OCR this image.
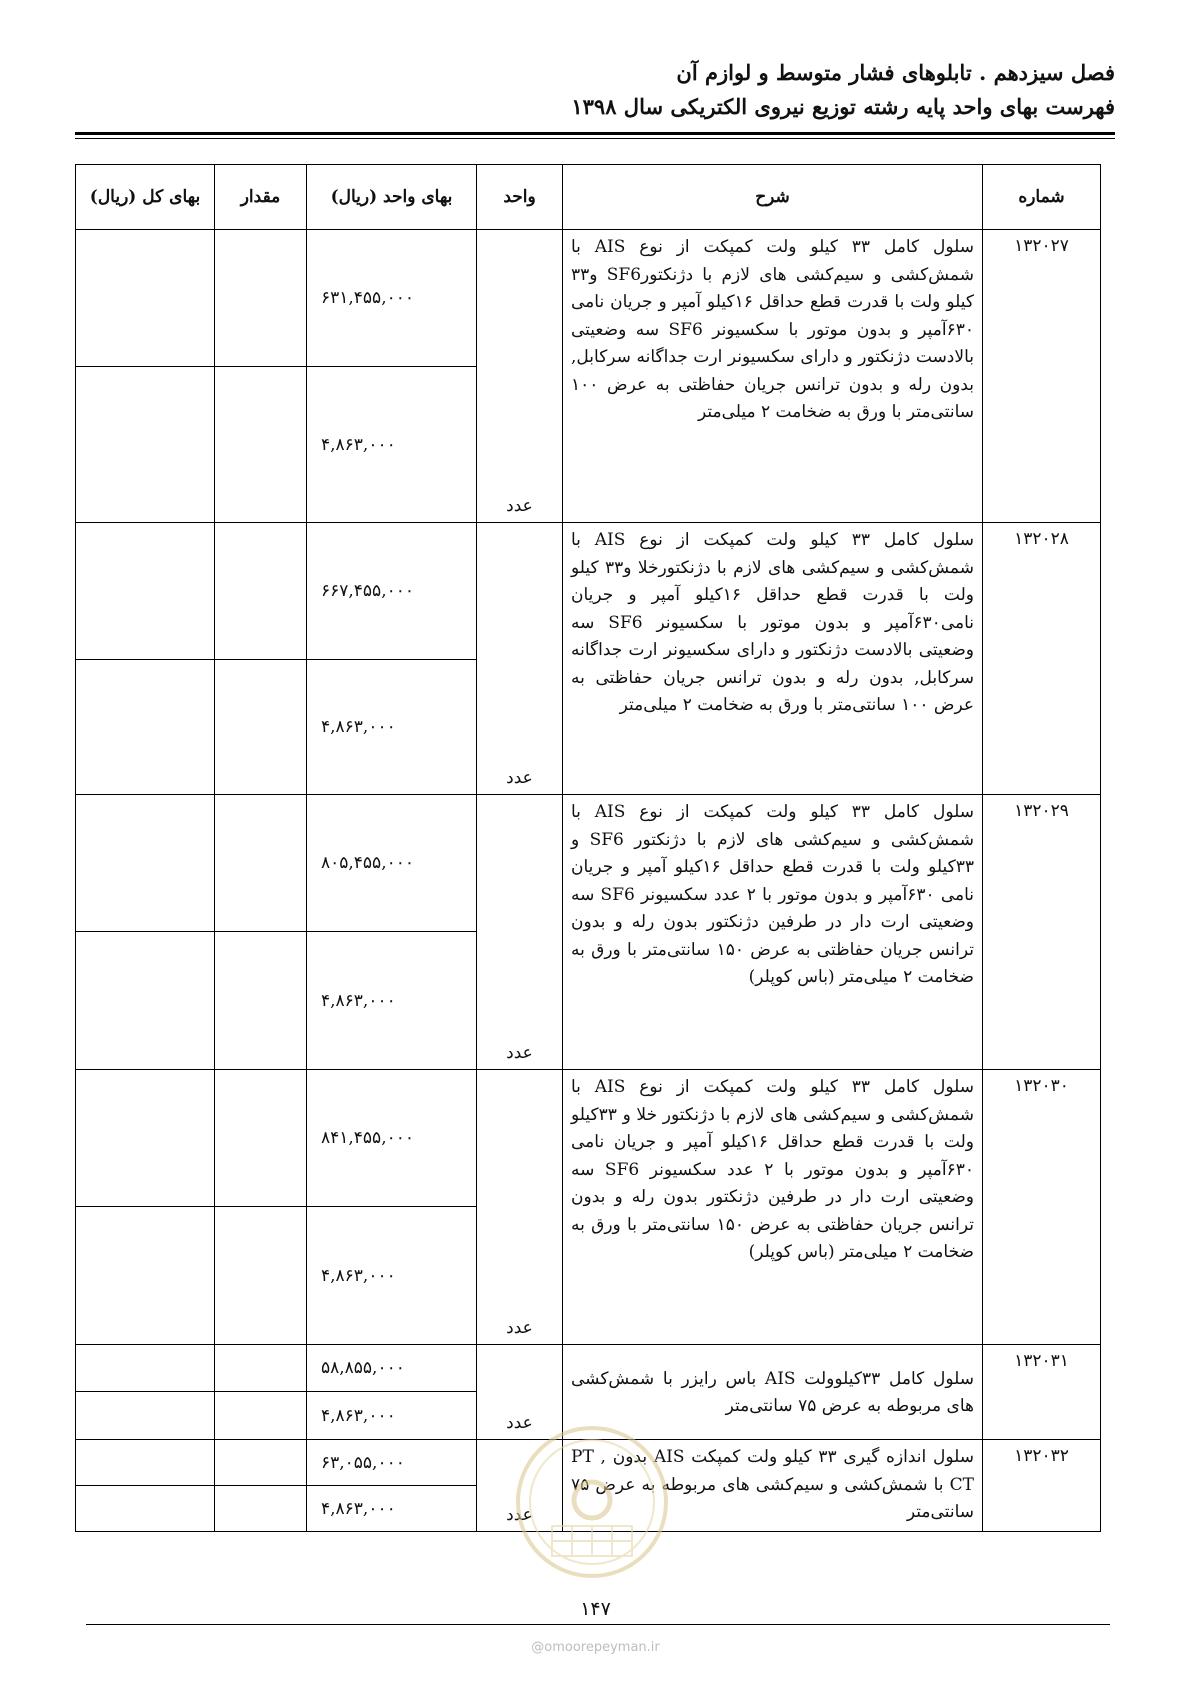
فصل سیزدهم . تابلوهای فشار متوسط و لوازم آن
فهرست بهای واحد پایه رشته توزیع نیروی الکتریکی سال ۱۳۹۸
شماره	شرح	واحد	بهای واحد (ریال)	مقدار	بهای کل (ریال)
۱۳۲۰۲۷	سلول کامل ۳۳ کیلو ولت کمپکت از نوع AIS با شمش‌کشی و سیم‌کشی های لازم با دژنکتورSF6 و۳۳ کیلو ولت با قدرت قطع حداقل ۱۶کیلو آمپر و جریان نامی ۶۳۰آمپر و بدون موتور با سکسیونر SF6 سه وضعیتی بالادست دژنکتور و دارای سکسیونر ارت جداگانه سرکابل, بدون رله و بدون ترانس جریان حفاظتی به عرض ۱۰۰ سانتی‌متر با ورق به ضخامت ۲ میلی‌متر	عدد	۶۳۱,۴۵۵,۰۰۰		
			۴,۸۶۳,۰۰۰		
۱۳۲۰۲۸	سلول کامل ۳۳ کیلو ولت کمپکت از نوع AIS با شمش‌کشی و سیم‌کشی های لازم با دژنکتورخلا و۳۳ کیلو ولت با قدرت قطع حداقل ۱۶کیلو آمپر و جریان نامی۶۳۰آمپر و بدون موتور با سکسیونر SF6 سه وضعیتی بالادست دژنکتور و دارای سکسیونر ارت جداگانه سرکابل, بدون رله و بدون ترانس جریان حفاظتی به عرض ۱۰۰ سانتی‌متر با ورق به ضخامت ۲ میلی‌متر	عدد	۶۶۷,۴۵۵,۰۰۰		
			۴,۸۶۳,۰۰۰		
۱۳۲۰۲۹	سلول کامل ۳۳ کیلو ولت کمپکت از نوع AIS با شمش‌کشی و سیم‌کشی های لازم با دژنکتور SF6 و ۳۳کیلو ولت با قدرت قطع حداقل ۱۶کیلو آمپر و جریان نامی ۶۳۰آمپر و بدون موتور با ۲ عدد سکسیونر SF6 سه وضعیتی ارت دار در طرفین دژنکتور بدون رله و بدون ترانس جریان حفاظتی به عرض ۱۵۰ سانتی‌متر با ورق به ضخامت ۲ میلی‌متر (باس کوپلر)	عدد	۸۰۵,۴۵۵,۰۰۰		
			۴,۸۶۳,۰۰۰		
۱۳۲۰۳۰	سلول کامل ۳۳ کیلو ولت کمپکت از نوع AIS با شمش‌کشی و سیم‌کشی های لازم با دژنکتور خلا و ۳۳کیلو ولت با قدرت قطع حداقل ۱۶کیلو آمپر و جریان نامی ۶۳۰آمپر و بدون موتور با ۲ عدد سکسیونر SF6 سه وضعیتی ارت دار در طرفین دژنکتور بدون رله و بدون ترانس جریان حفاظتی به عرض ۱۵۰ سانتی‌متر با ورق به ضخامت ۲ میلی‌متر (باس کوپلر)	عدد	۸۴۱,۴۵۵,۰۰۰		
			۴,۸۶۳,۰۰۰		
۱۳۲۰۳۱	سلول کامل ۳۳کیلوولت AIS باس رایزر با شمش‌کشی های مربوطه به عرض ۷۵ سانتی‌متر	عدد	۵۸,۸۵۵,۰۰۰		
			۴,۸۶۳,۰۰۰		
۱۳۲۰۳۲	سلول اندازه گیری ۳۳ کیلو ولت کمپکت AIS بدون PT , CT با شمش‌کشی و سیم‌کشی های مربوطه به عرض ۷۵ سانتی‌متر	عدد	۶۳,۰۵۵,۰۰۰		
			۴,۸۶۳,۰۰۰		
۱۴۷
@omoorepeyman.ir
